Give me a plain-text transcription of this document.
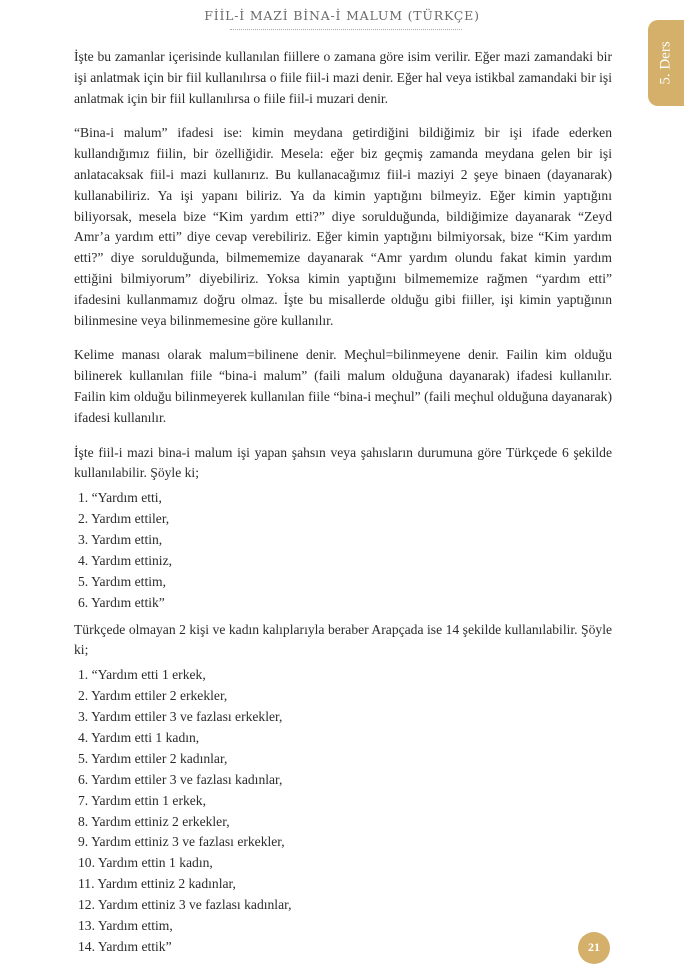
FİİL-İ MAZİ BİNA-İ MALUM (TÜRKÇE)
5. Ders

İşte bu zamanlar içerisinde kullanılan fiillere o zamana göre isim verilir. Eğer mazi zamandaki bir işi anlatmak için bir fiil kullanılırsa o fiile fiil-i mazi denir. Eğer hal veya istikbal zamandaki bir işi anlatmak için bir fiil kullanılırsa o fiile fiil-i muzari denir.

“Bina-i malum” ifadesi ise: kimin meydana getirdiğini bildiğimiz bir işi ifade ederken kullandığımız fiilin, bir özelliğidir. Mesela: eğer biz geçmiş zamanda meydana gelen bir işi anlatacaksak fiil-i mazi kullanırız. Bu kullanacağımız fiil-i maziyi 2 şeye binaen (dayanarak) kullanabiliriz. Ya işi yapanı biliriz. Ya da kimin yaptığını bilmeyiz. Eğer kimin yaptığını biliyorsak, mesela bize “Kim yardım etti?” diye sorulduğunda, bildiğimize dayanarak “Zeyd Amr’a yardım etti” diye cevap verebiliriz. Eğer kimin yaptığını bilmiyorsak, bize “Kim yardım etti?” diye sorulduğunda, bilmememize dayanarak “Amr yardım olundu fakat kimin yardım ettiğini bilmiyorum” diyebiliriz. Yoksa kimin yaptığını bilmememize rağmen “yardım etti” ifadesini kullanmamız doğru olmaz. İşte bu misallerde olduğu gibi fiiller, işi kimin yaptığının bilinmesine veya bilinmemesine göre kullanılır.

Kelime manası olarak malum=bilinene denir. Meçhul=bilinmeyene denir. Failin kim olduğu bilinerek kullanılan fiile “bina-i malum” (faili malum olduğuna dayanarak) ifadesi kullanılır. Failin kim olduğu bilinmeyerek kullanılan fiile “bina-i meçhul” (faili meçhul olduğuna dayanarak) ifadesi kullanılır.

İşte fiil-i mazi bina-i malum işi yapan şahsın veya şahısların durumuna göre Türkçede 6 şekilde kullanılabilir. Şöyle ki;

1. “Yardım etti,
2. Yardım ettiler,
3. Yardım ettin,
4. Yardım ettiniz,
5. Yardım ettim,
6. Yardım ettik”

Türkçede olmayan 2 kişi ve kadın kalıplarıyla beraber Arapçada ise 14 şekilde kullanılabilir. Şöyle ki;

1. “Yardım etti 1 erkek,
2. Yardım ettiler 2 erkekler,
3. Yardım ettiler 3 ve fazlası erkekler,
4. Yardım etti 1 kadın,
5. Yardım ettiler 2 kadınlar,
6. Yardım ettiler 3 ve fazlası kadınlar,
7. Yardım ettin 1 erkek,
8. Yardım ettiniz 2 erkekler,
9. Yardım ettiniz 3 ve fazlası erkekler,
10. Yardım ettin 1 kadın,
11. Yardım ettiniz 2 kadınlar,
12. Yardım ettiniz 3 ve fazlası kadınlar,
13. Yardım ettim,
14. Yardım ettik”	21
